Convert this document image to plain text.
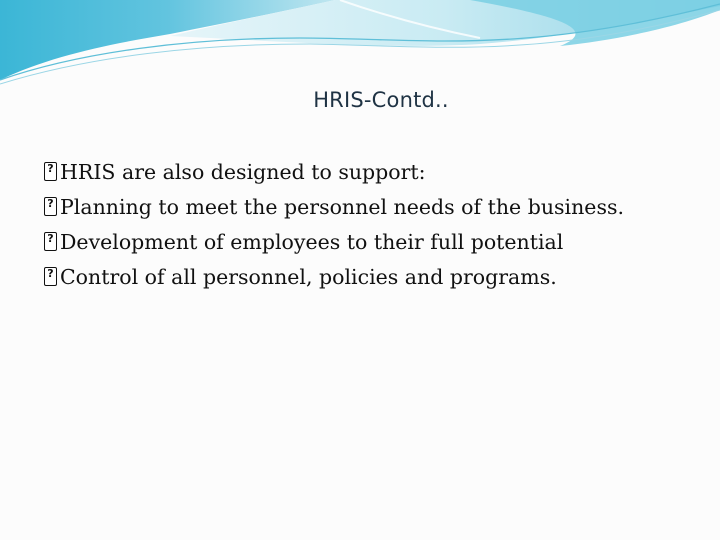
HRIS-Contd..
?
HRIS are also designed to support:
?
Planning to meet the personnel needs of the business.
?
Development of employees to their full potential
?
Control of all personnel, policies and programs.
